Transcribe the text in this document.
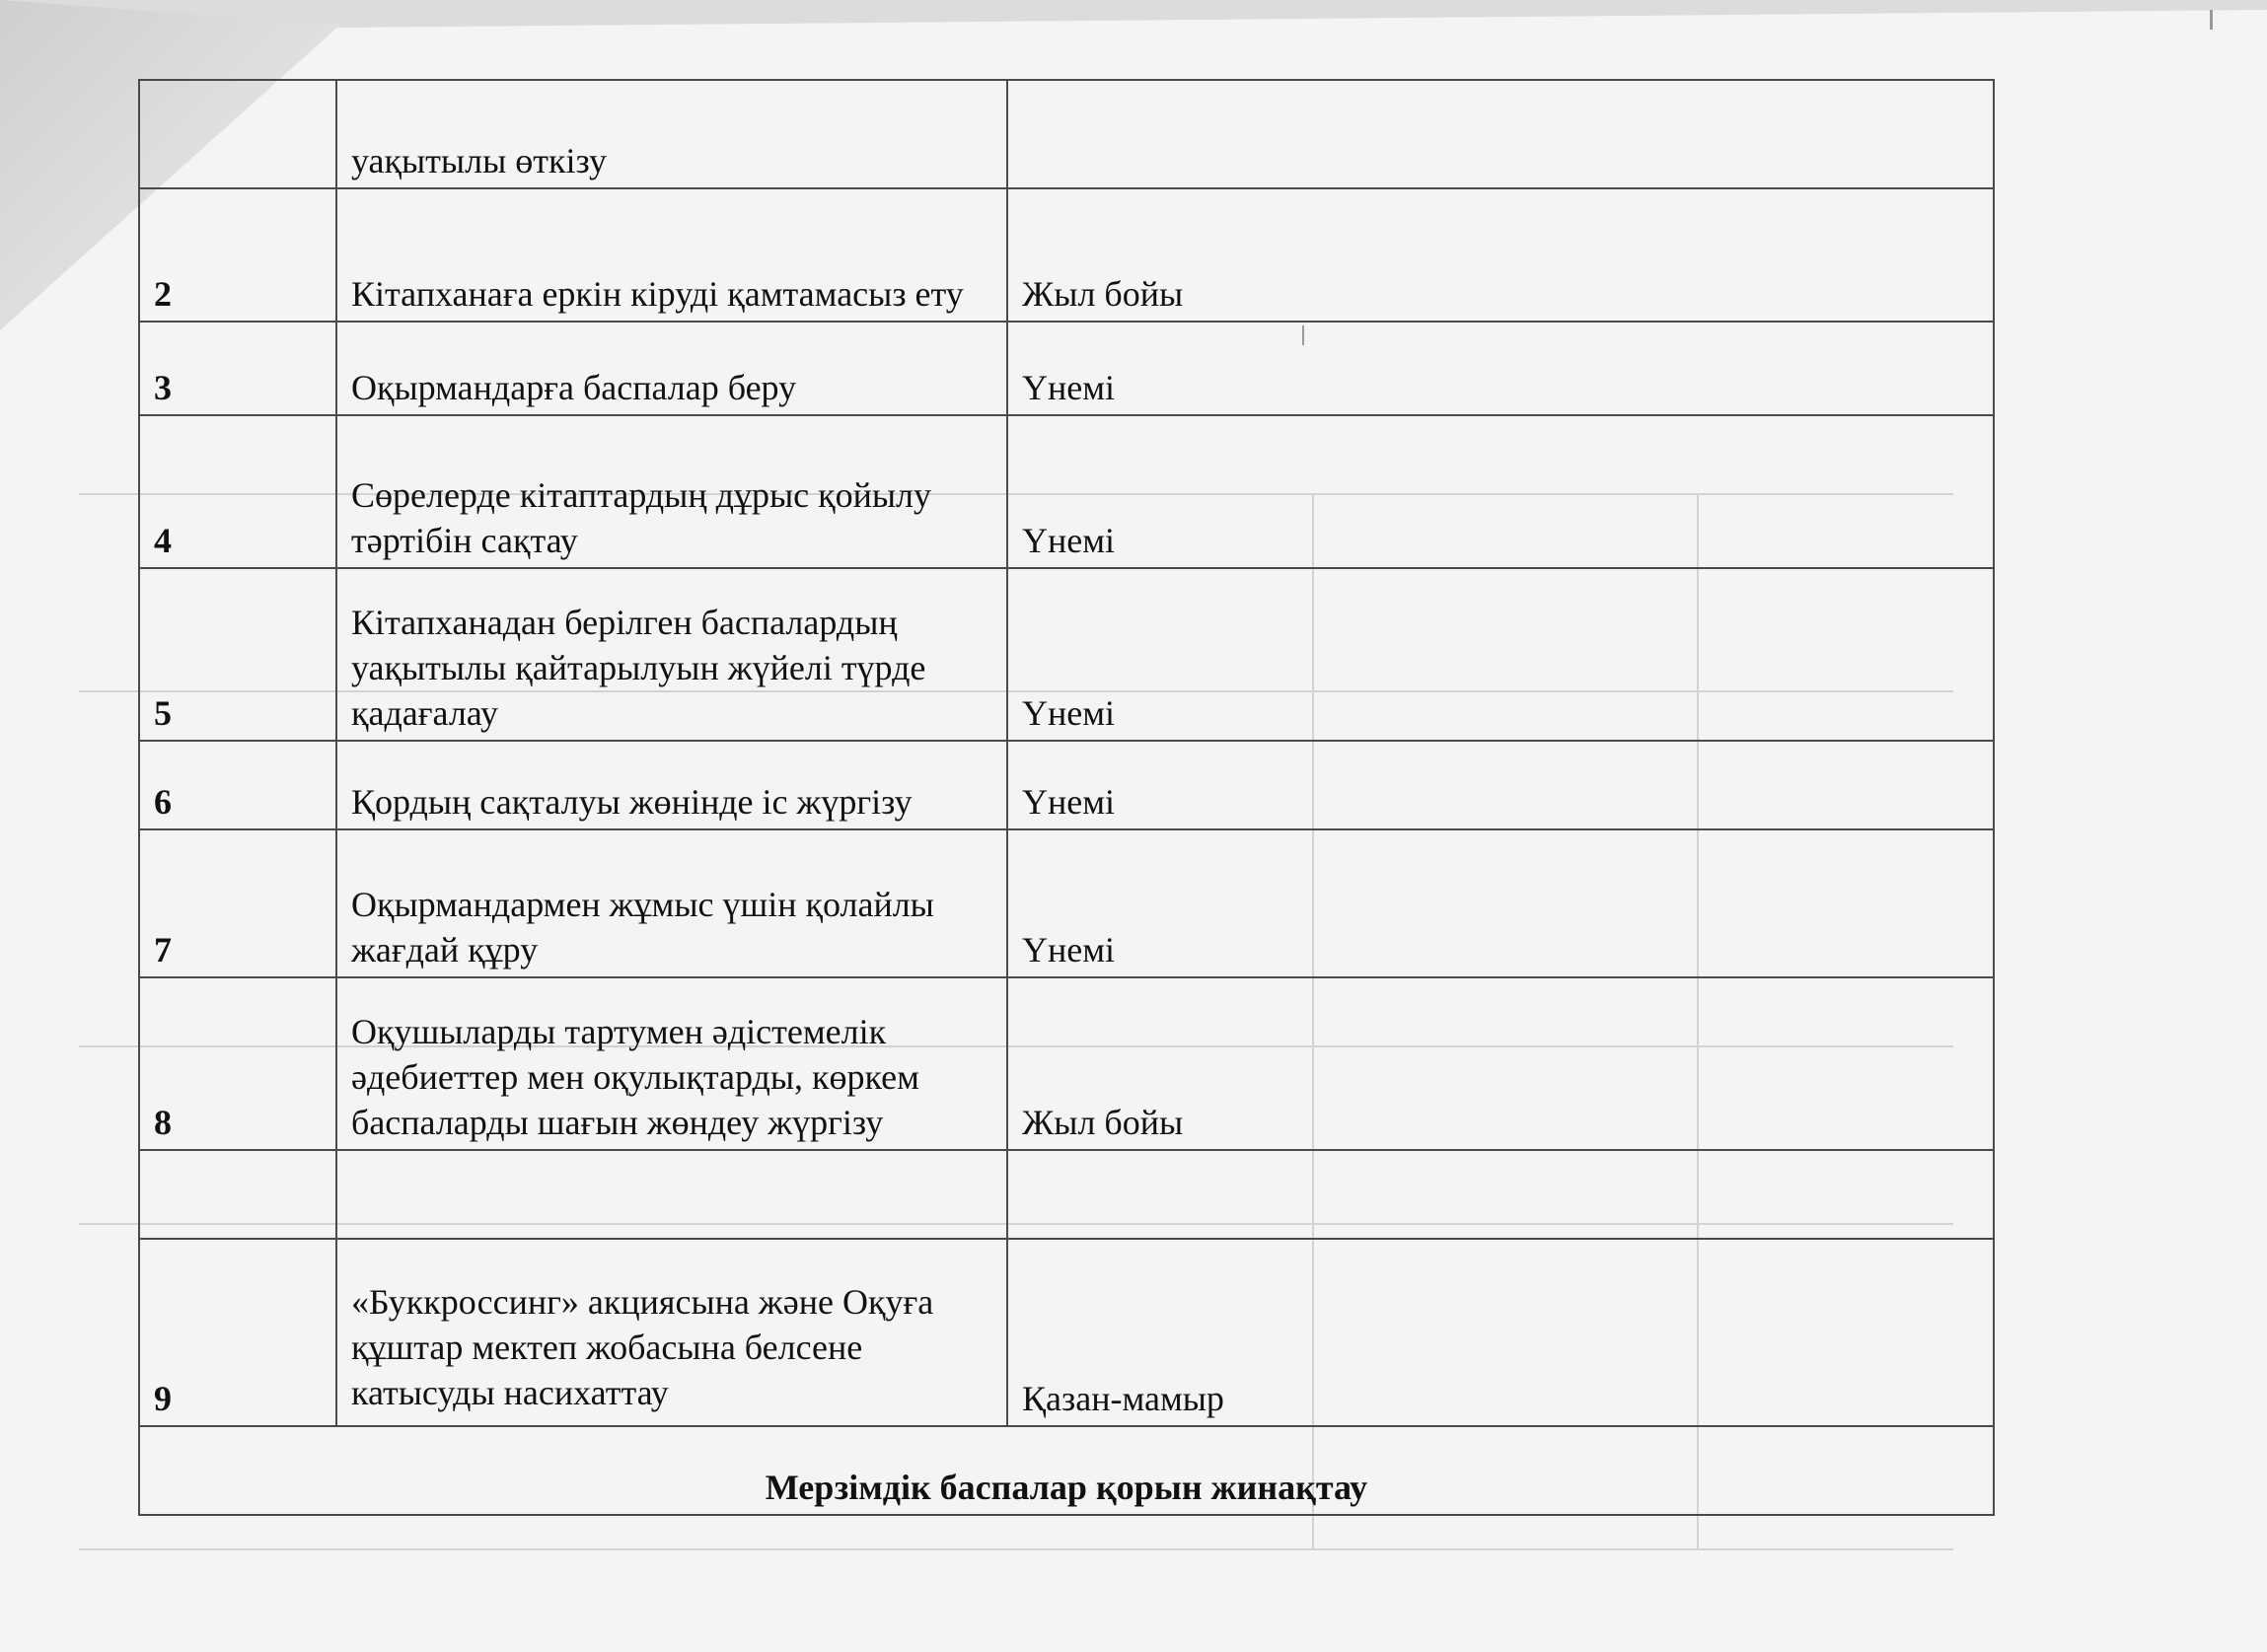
	уақытылы өткізу	
2	Кітапханаға еркін кіруді қамтамасыз ету	Жыл бойы
3	Оқырмандарға баспалар беру	Үнемі
4	Сөрелерде кітаптардың дұрыс қойылу тәртібін сақтау	Үнемі
5	Кітапханадан берілген баспалардың уақытылы қайтарылуын жүйелі түрде қадағалау	Үнемі
6	Қордың сақталуы жөнінде іс жүргізу	Үнемі
7	Оқырмандармен жұмыс үшін қолайлы жағдай құру	Үнемі
8	Оқушыларды тартумен әдістемелік әдебиеттер мен оқулықтарды, көркем баспаларды шағын жөндеу жүргізу	Жыл бойы

9	«Буккроссинг» акциясына және Оқуға құштар мектеп жобасына белсене катысуды насихаттау	Қазан-мамыр
Мерзімдік баспалар қорын жинақтау		
